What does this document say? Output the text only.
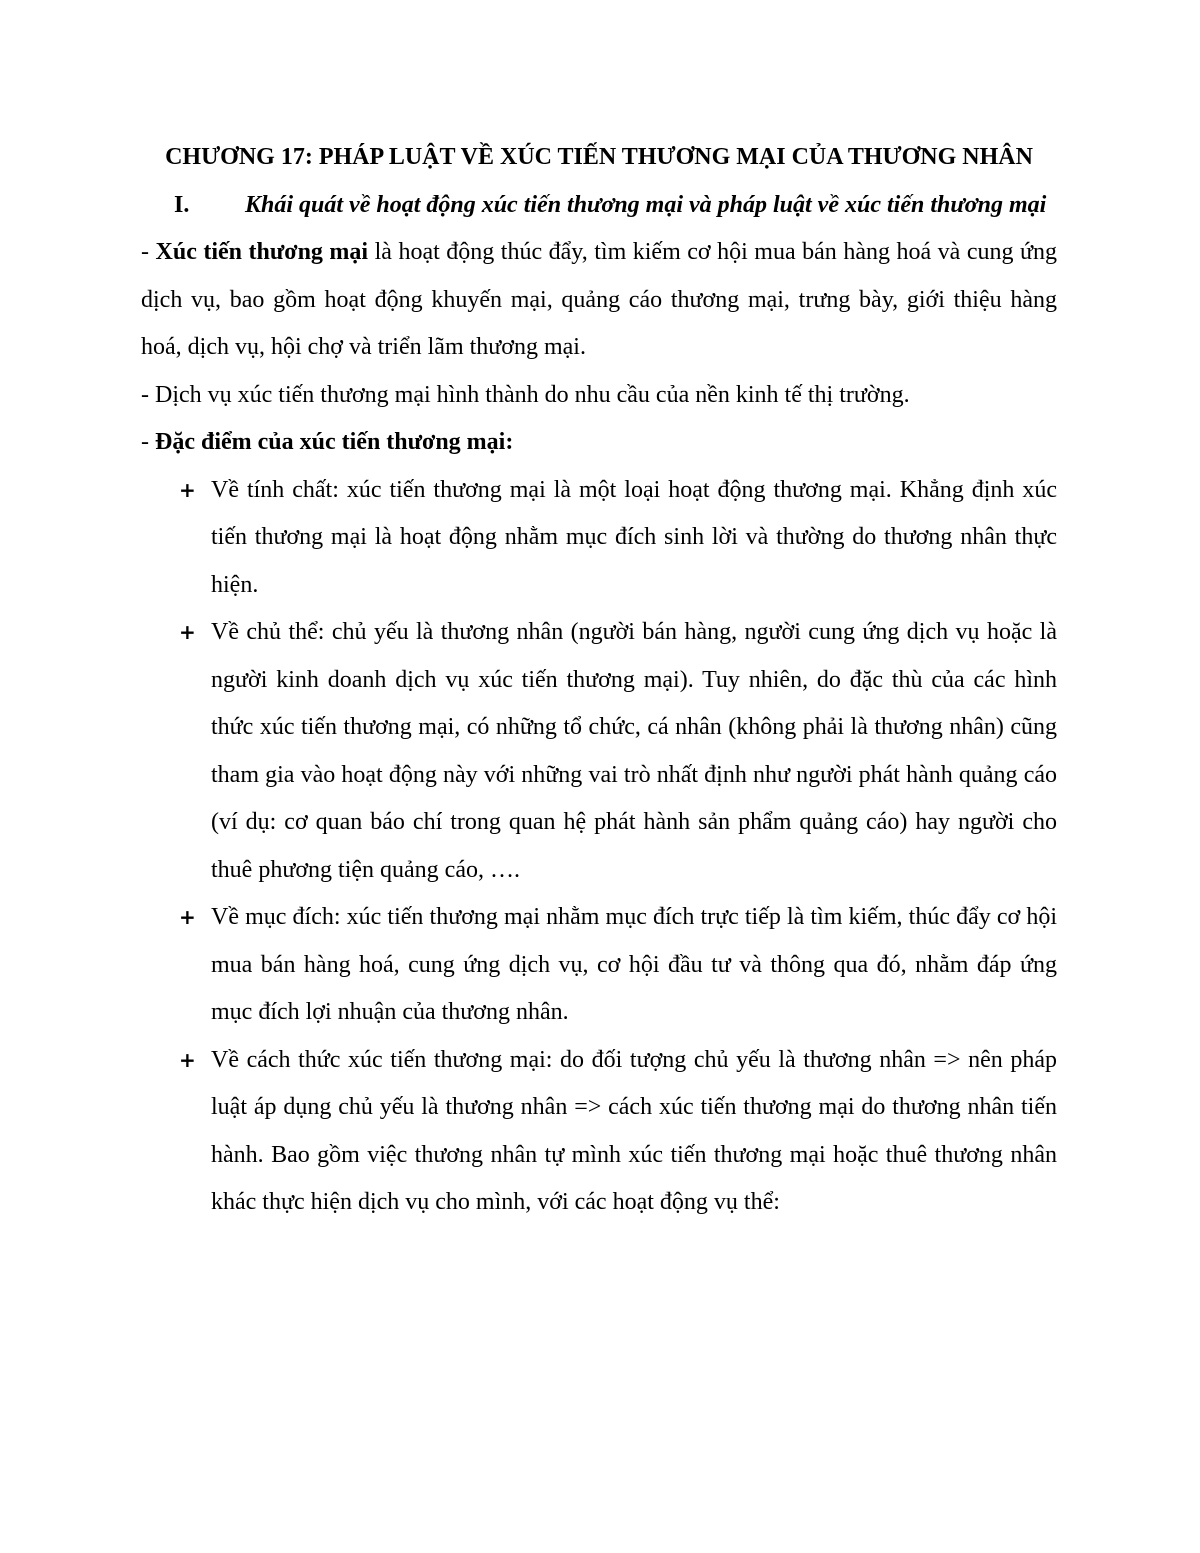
CHƯƠNG 17: PHÁP LUẬT VỀ XÚC TIẾN THƯƠNG MẠI CỦA THƯƠNG NHÂN
I. Khái quát về hoạt động xúc tiến thương mại và pháp luật về xúc tiến thương mại

- Xúc tiến thương mại là hoạt động thúc đẩy, tìm kiếm cơ hội mua bán hàng hoá và cung ứng dịch vụ, bao gồm hoạt động khuyến mại, quảng cáo thương mại, trưng bày, giới thiệu hàng hoá, dịch vụ, hội chợ và triển lãm thương mại.

- Dịch vụ xúc tiến thương mại hình thành do nhu cầu của nền kinh tế thị trường.

- Đặc điểm của xúc tiến thương mại:

+ Về tính chất: xúc tiến thương mại là một loại hoạt động thương mại. Khẳng định xúc tiến thương mại là hoạt động nhằm mục đích sinh lời và thường do thương nhân thực hiện.
+ Về chủ thể: chủ yếu là thương nhân (người bán hàng, người cung ứng dịch vụ hoặc là người kinh doanh dịch vụ xúc tiến thương mại). Tuy nhiên, do đặc thù của các hình thức xúc tiến thương mại, có những tổ chức, cá nhân (không phải là thương nhân) cũng tham gia vào hoạt động này với những vai trò nhất định như người phát hành quảng cáo (ví dụ: cơ quan báo chí trong quan hệ phát hành sản phẩm quảng cáo) hay người cho thuê phương tiện quảng cáo, ….
+ Về mục đích: xúc tiến thương mại nhằm mục đích trực tiếp là tìm kiếm, thúc đẩy cơ hội mua bán hàng hoá, cung ứng dịch vụ, cơ hội đầu tư và thông qua đó, nhằm đáp ứng mục đích lợi nhuận của thương nhân.
+ Về cách thức xúc tiến thương mại: do đối tượng chủ yếu là thương nhân => nên pháp luật áp dụng chủ yếu là thương nhân => cách xúc tiến thương mại do thương nhân tiến hành. Bao gồm việc thương nhân tự mình xúc tiến thương mại hoặc thuê thương nhân khác thực hiện dịch vụ cho mình, với các hoạt động vụ thể:
